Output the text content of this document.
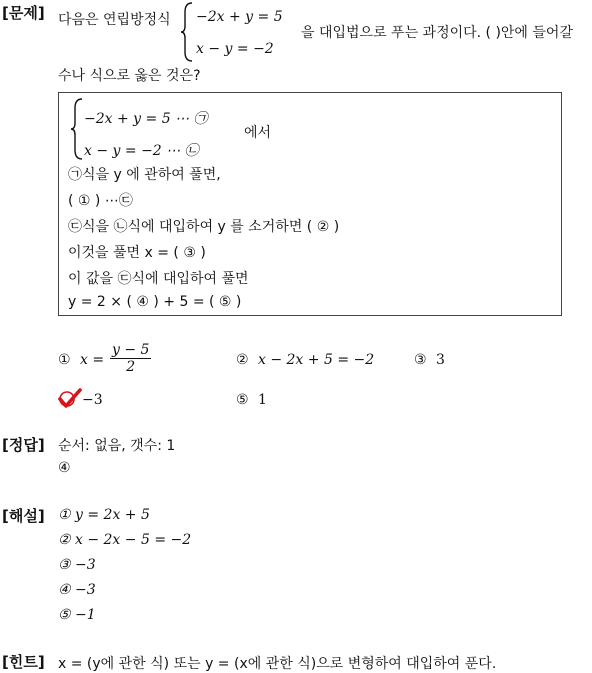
[문제] 다음은 연립방정식 −2x + y = 5
x − y = −2
을 대입법으로 푸는 과정이다. ( )안에 들어갈
수나 식으로 옳은 것은?
−2x + y = 5 ⋯ ㉠
x − y = −2 ⋯ ㉡
에서
㉠식을 y 에 관하여 풀면,
( ① ) ⋯㉢
㉢식을 ㉡식에 대입하여 y 를 소거하면 ( ② )
이것을 풀면 x = ( ③ )
이 값을 ㉢식에 대입하여 풀면
y = 2 × ( ④ ) + 5 = ( ⑤ )
① $x = \frac{y - 5}{2}$	② x − 2x + 5 = −2	③ 3
−3	⑤ 1
[정답] 순서: 없음, 갯수: 1
④
[해설] ① y = 2x + 5
② x − 2x − 5 = −2
③ −3
④ −3
⑤ −1
[힌트] x = (y에 관한 식) 또는 y = (x에 관한 식)으로 변형하여 대입하여 푼다.
